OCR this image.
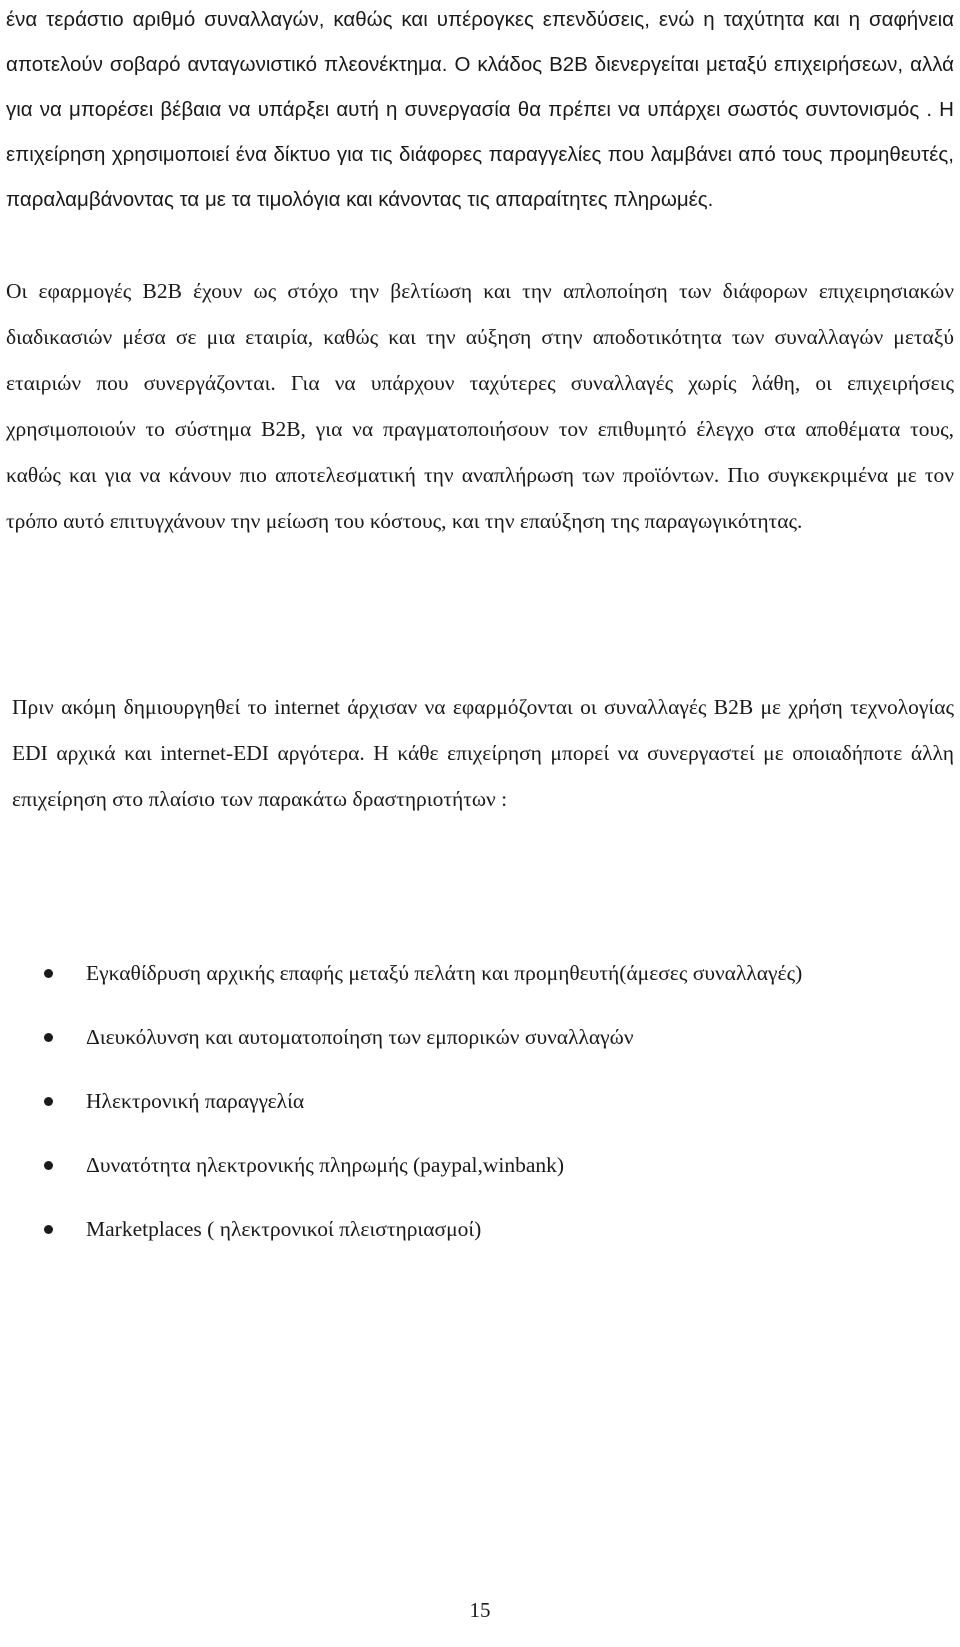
ένα τεράστιο αριθμό συναλλαγών, καθώς και υπέρογκες επενδύσεις, ενώ η ταχύτητα και η σαφήνεια αποτελούν σοβαρό ανταγωνιστικό πλεονέκτημα. Ο κλάδος B2B διενεργείται μεταξύ επιχειρήσεων, αλλά για να μπορέσει βέβαια να υπάρξει αυτή η συνεργασία θα πρέπει να υπάρχει σωστός συντονισμός . Η επιχείρηση χρησιμοποιεί ένα δίκτυο για τις διάφορες παραγγελίες που λαμβάνει από τους προμηθευτές, παραλαμβάνοντας τα με τα τιμολόγια και κάνοντας τις απαραίτητες πληρωμές.

Οι εφαρμογές B2B έχουν ως στόχο την βελτίωση και την απλοποίηση των διάφορων επιχειρησιακών διαδικασιών μέσα σε μια εταιρία, καθώς και την αύξηση στην αποδοτικότητα των συναλλαγών μεταξύ εταιριών που συνεργάζονται. Για να υπάρχουν ταχύτερες συναλλαγές χωρίς λάθη, οι επιχειρήσεις χρησιμοποιούν το σύστημα B2B, για να πραγματοποιήσουν τον επιθυμητό έλεγχο στα αποθέματα τους, καθώς και για να κάνουν πιο αποτελεσματική την αναπλήρωση των προϊόντων. Πιο συγκεκριμένα με τον τρόπο αυτό επιτυγχάνουν την μείωση του κόστους, και την επαύξηση της παραγωγικότητας.

Πριν ακόμη δημιουργηθεί το internet άρχισαν να εφαρμόζονται οι συναλλαγές B2B με χρήση τεχνολογίας EDI αρχικά και internet-EDI αργότερα. Η κάθε επιχείρηση μπορεί να συνεργαστεί με οποιαδήποτε άλλη επιχείρηση στο πλαίσιο των παρακάτω δραστηριοτήτων :

Εγκαθίδρυση αρχικής επαφής μεταξύ πελάτη και προμηθευτή(άμεσες συναλλαγές)
Διευκόλυνση και αυτοματοποίηση των εμπορικών συναλλαγών
Ηλεκτρονική παραγγελία
Δυνατότητα ηλεκτρονικής πληρωμής (paypal,winbank)
Marketplaces ( ηλεκτρονικοί πλειστηριασμοί)
15
